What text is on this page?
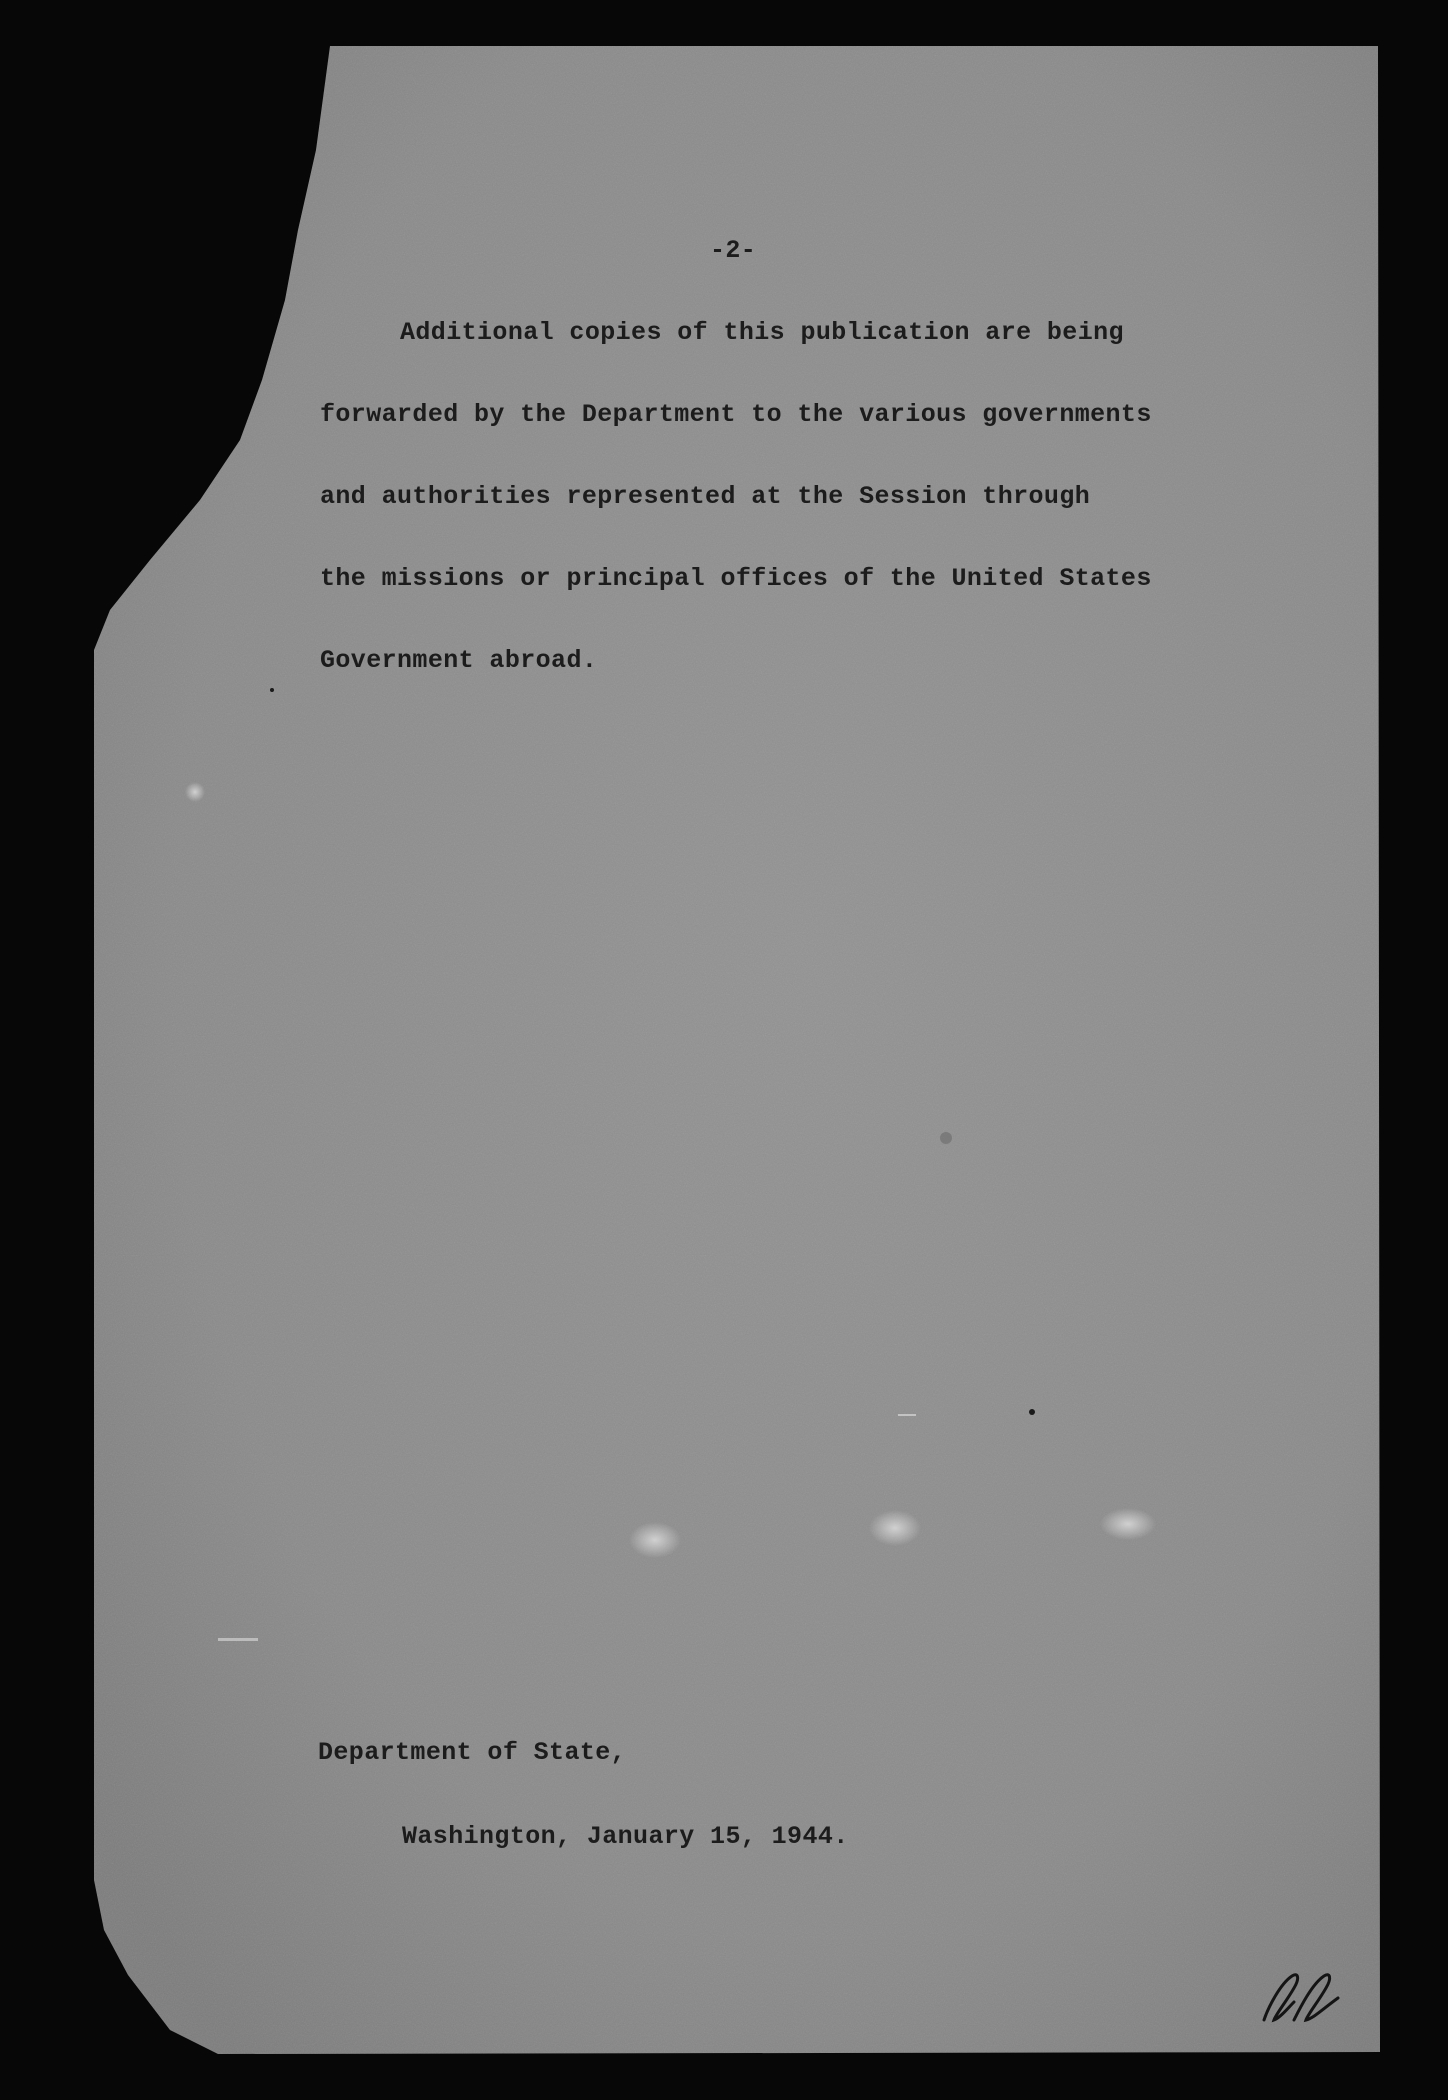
-2-
Additional copies of this publication are being
forwarded by the Department to the various governments
and authorities represented at the Session through
the missions or principal offices of the United States
Government abroad.
Department of State,
Washington, January 15, 1944.
